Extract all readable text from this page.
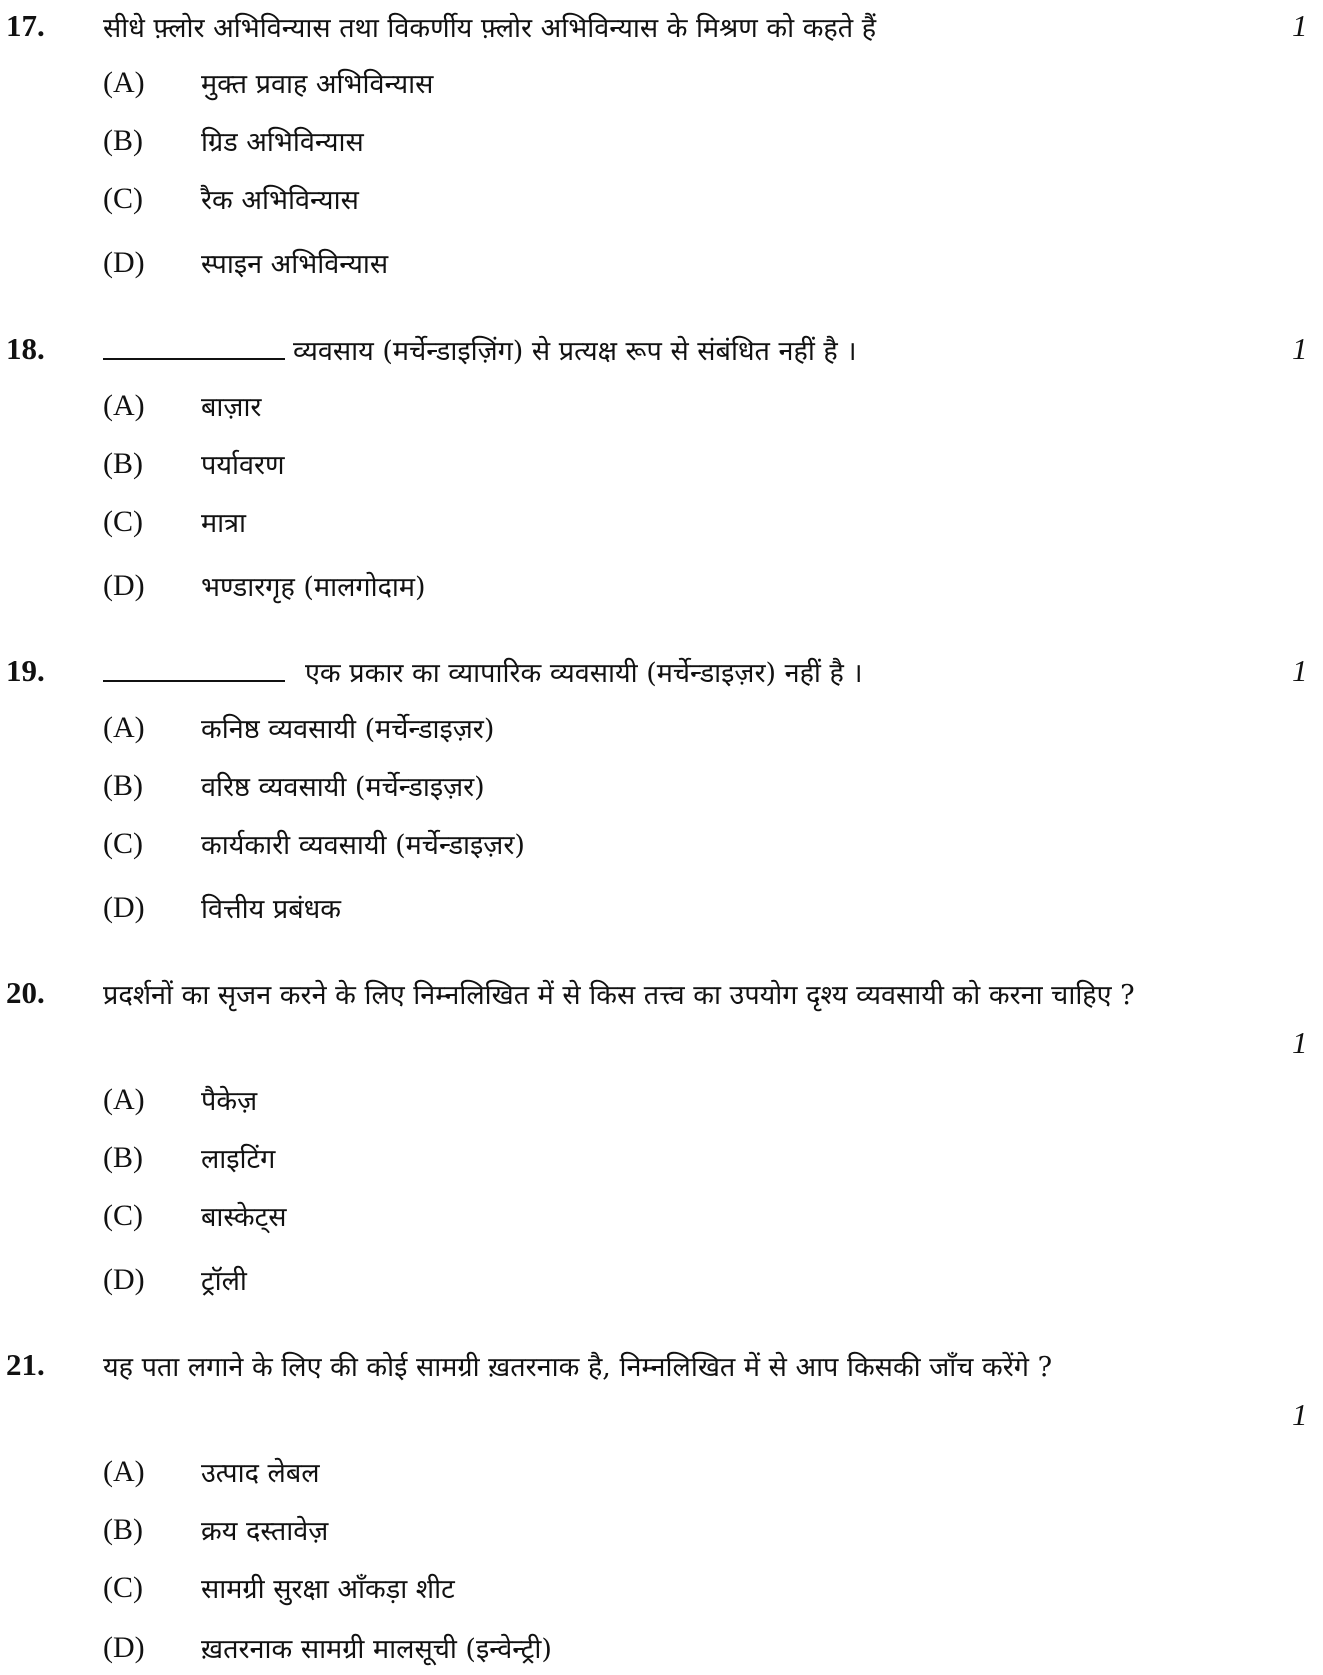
17. सीधे फ़्लोर अभिविन्यास तथा विकर्णीय फ़्लोर अभिविन्यास के मिश्रण को कहते हैं	1
(A) मुक्त प्रवाह अभिविन्यास
(B) ग्रिड अभिविन्यास
(C) रैक अभिविन्यास
(D) स्पाइन अभिविन्यास
18.	व्यवसाय (मर्चेन्डाइज़िंग) से प्रत्यक्ष रूप से संबंधित नहीं है ।	1
(A) बाज़ार
(B) पर्यावरण
(C) मात्रा
(D) भण्डारगृह (मालगोदाम)
19.	एक प्रकार का व्यापारिक व्यवसायी (मर्चेन्डाइज़र) नहीं है ।	1
(A) कनिष्ठ व्यवसायी (मर्चेन्डाइज़र)
(B) वरिष्ठ व्यवसायी (मर्चेन्डाइज़र)
(C) कार्यकारी व्यवसायी (मर्चेन्डाइज़र)
(D) वित्तीय प्रबंधक
20. प्रदर्शनों का सृजन करने के लिए निम्नलिखित में से किस तत्त्व का उपयोग दृश्य व्यवसायी को करना चाहिए ?
1
(A) पैकेज़
(B) लाइटिंग
(C) बास्केट्स
(D) ट्रॉली
21. यह पता लगाने के लिए की कोई सामग्री ख़तरनाक है, निम्नलिखित में से आप किसकी जाँच करेंगे ?
1
(A) उत्पाद लेबल
(B) क्रय दस्तावेज़
(C) सामग्री सुरक्षा आँकड़ा शीट
(D) ख़तरनाक सामग्री मालसूची (इन्वेन्ट्री)
